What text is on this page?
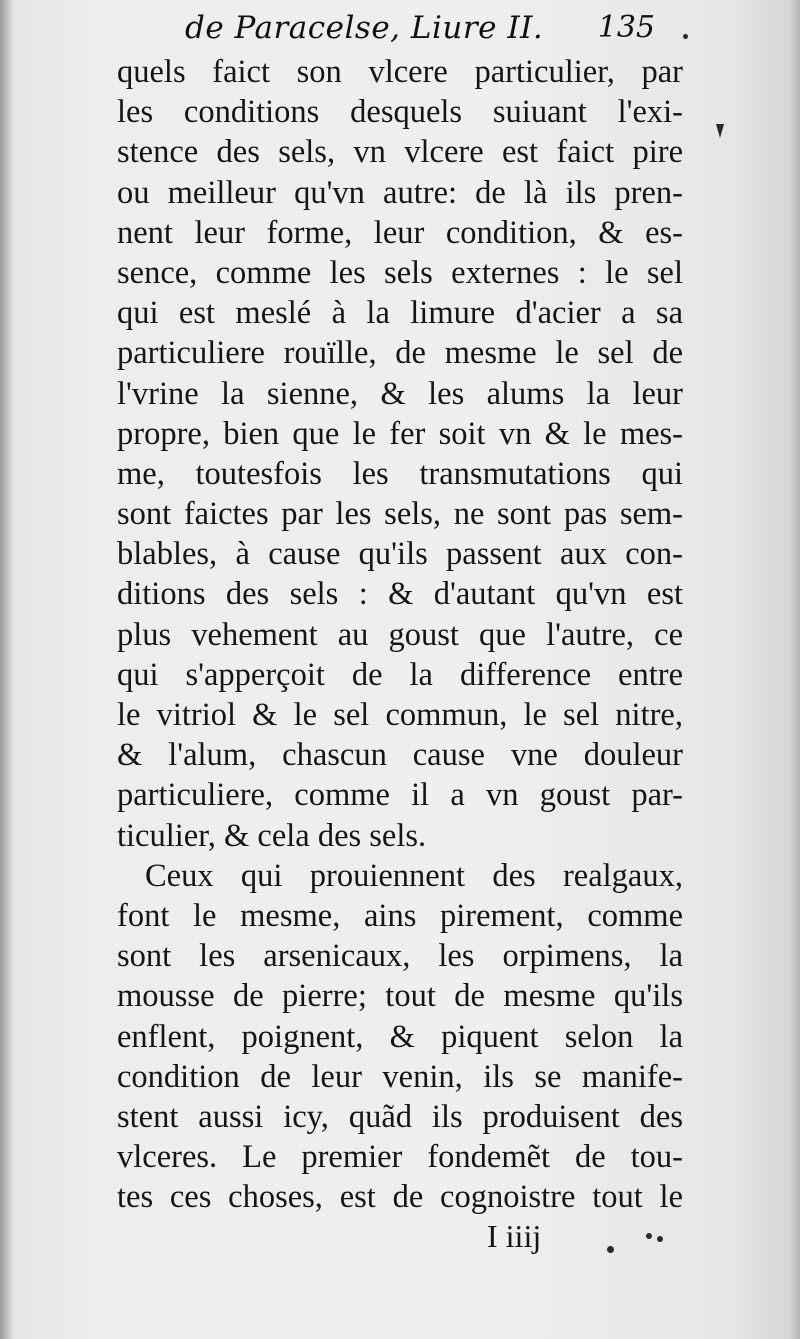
de Paracelse, Liure II. 135
quels faict son vlcere particulier, par
les conditions desquels suiuant l'exi-
stence des sels, vn vlcere est faict pire
ou meilleur qu'vn autre: de là ils pren-
nent leur forme, leur condition, & es-
sence, comme les sels externes : le sel
qui est meslé à la limure d'acier a sa
particuliere rouïlle, de mesme le sel de
l'vrine la sienne, & les alums la leur
propre, bien que le fer soit vn & le mes-
me, toutesfois les transmutations qui
sont faictes par les sels, ne sont pas sem-
blables, à cause qu'ils passent aux con-
ditions des sels : & d'autant qu'vn est
plus vehement au goust que l'autre, ce
qui s'apperçoit de la difference entre
le vitriol & le sel commun, le sel nitre,
& l'alum, chascun cause vne douleur
particuliere, comme il a vn goust par-
ticulier, & cela des sels.
Ceux qui prouiennent des realgaux,
font le mesme, ains pirement, comme
sont les arsenicaux, les orpimens, la
mousse de pierre; tout de mesme qu'ils
enflent, poignent, & piquent selon la
condition de leur venin, ils se manife-
stent aussi icy, quãd ils produisent des
vlceres. Le premier fondemẽt de tou-
tes ces choses, est de cognoistre tout le
I iiij
